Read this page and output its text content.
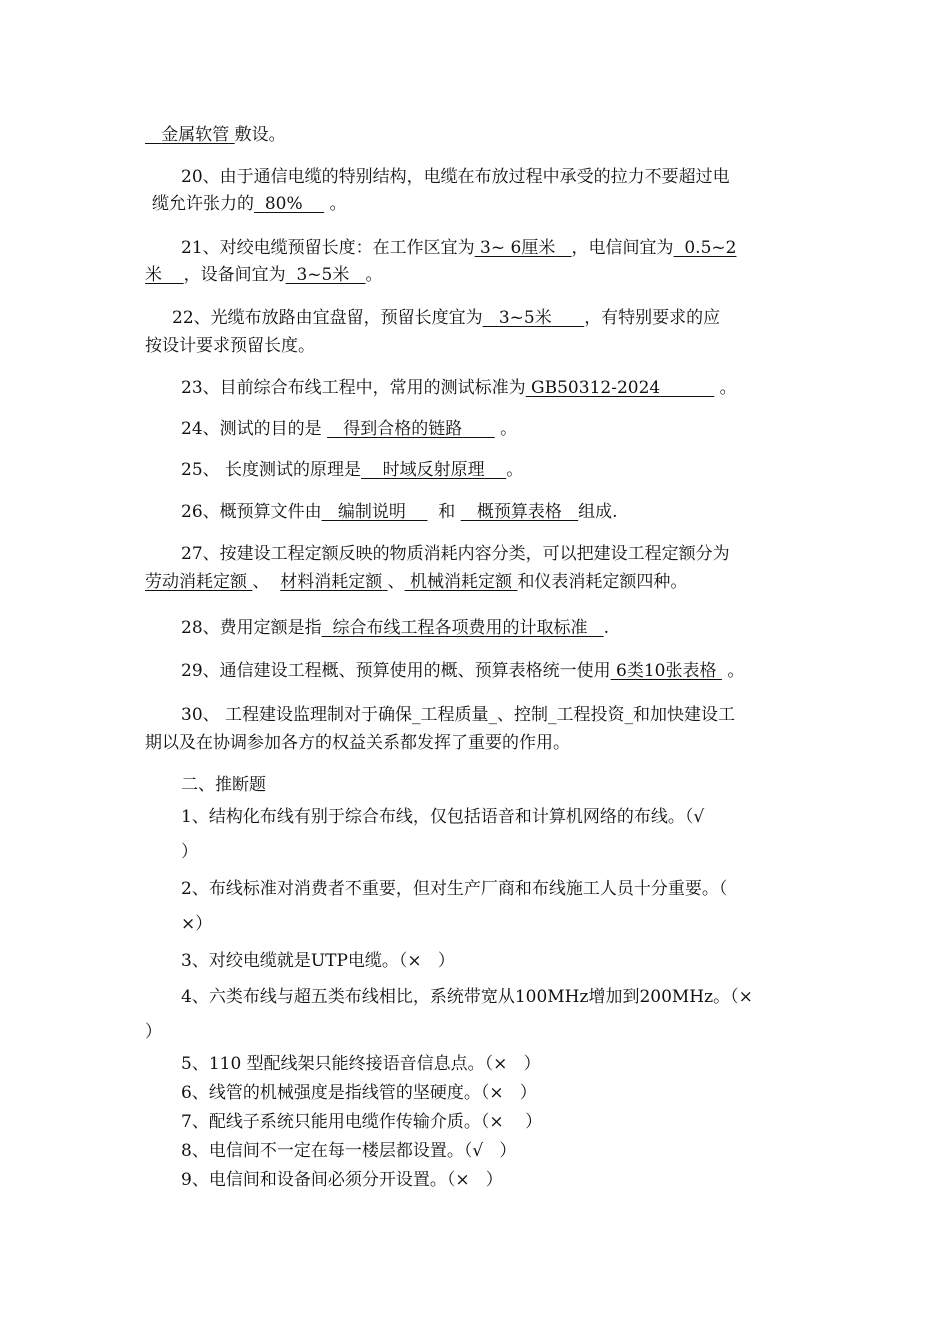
金属软管 敷设。
20、由于通信电缆的特别结构，电缆在布放过程中承受的拉力不要超过电
缆允许张力的 80% 。
21、对绞电缆预留长度：在工作区宜为 3~ 6厘米 ，电信间宜为 0.5~2
米 ，设备间宜为 3~5米 。
22、光缆布放路由宜盘留，预留长度宜为 3~5米 ，有特别要求的应
按设计要求预留长度。
23、目前综合布线工程中，常用的测试标准为 GB50312-2024	。
24、测试的目的是 得到合格的链路 。
25、 长度测试的原理是 时域反射原理 。
26、概预算文件由 编制说明 和 概预算表格 组成.
27、按建设工程定额反映的物质消耗内容分类，可以把建设工程定额分为
劳动消耗定额 、 材料消耗定额 、 机械消耗定额 和仪表消耗定额四种。
28、费用定额是指 综合布线工程各项费用的计取标准 .
29、通信建设工程概、预算使用的概、预算表格统一使用 6类10张表格 。
30、 工程建设监理制对于确保_工程质量_、控制_工程投资_和加快建设工
期以及在协调参加各方的权益关系都发挥了重要的作用。
二、推断题
1、结构化布线有别于综合布线，仅包括语音和计算机网络的布线。（√
）
2、布线标准对消费者不重要，但对生产厂商和布线施工人员十分重要。（
×）
3、对绞电缆就是UTP电缆。（×   ）
4、六类布线与超五类布线相比，系统带宽从100MHz增加到200MHz。（×
）
5、110 型配线架只能终接语音信息点。（×   ）
6、线管的机械强度是指线管的坚硬度。（×   ）
7、配线子系统只能用电缆作传输介质。（×    ）
8、电信间不一定在每一楼层都设置。（√   ）
9、电信间和设备间必须分开设置。（×   ）
